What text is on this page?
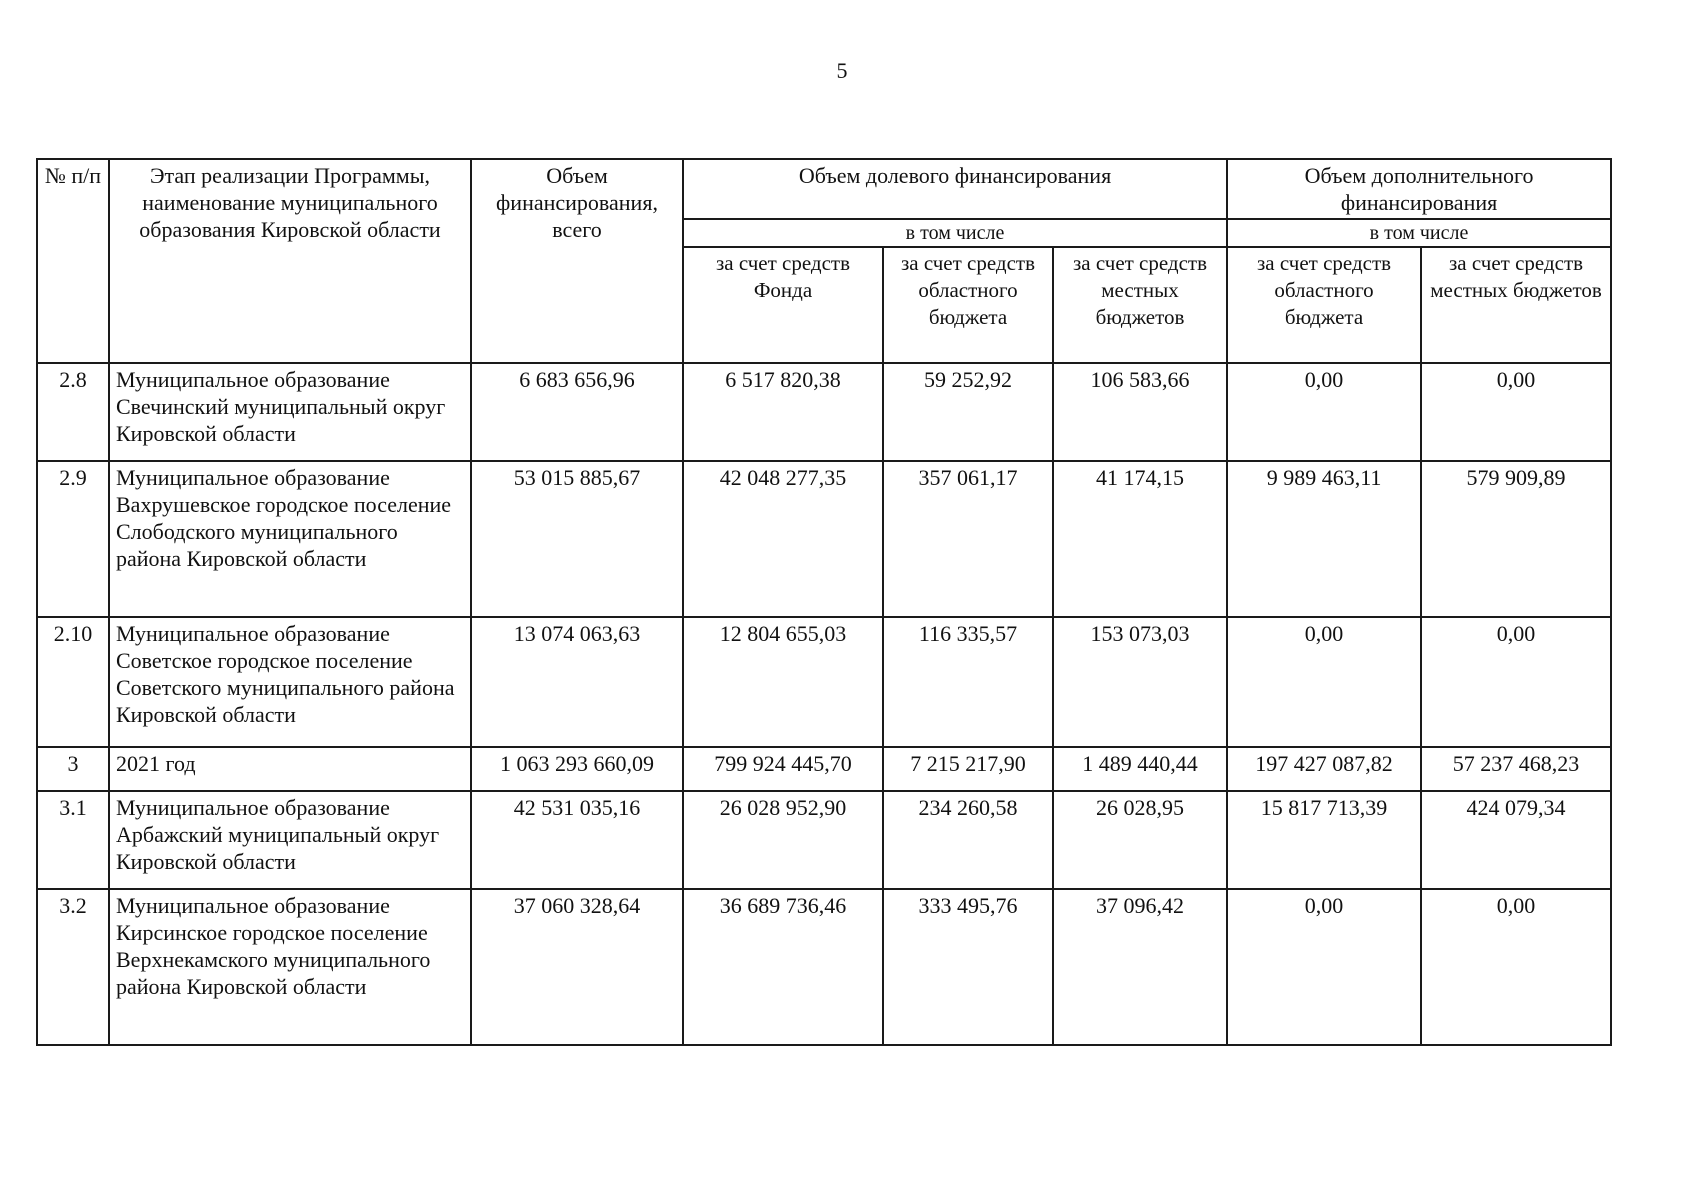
5
№ п/п	Этап реализации Программы, наименование муниципального образования Кировской области	Объем финансирования, всего	Объем долевого финансирования			Объем дополнительного финансирования	
			в том числе			в том числе	
			за счет средств Фонда	за счет средств областного бюджета	за счет средств местных бюджетов	за счет средств областного бюджета	за счет средств местных бюджетов
2.8	Муниципальное образование Свечинский муниципальный округ Кировской области	6 683 656,96	6 517 820,38	59 252,92	106 583,66	0,00	0,00
2.9	Муниципальное образование Вахрушевское городское поселение Слободского муниципального района Кировской области	53 015 885,67	42 048 277,35	357 061,17	41 174,15	9 989 463,11	579 909,89
2.10	Муниципальное образование Советское городское поселение Советского муниципального района Кировской области	13 074 063,63	12 804 655,03	116 335,57	153 073,03	0,00	0,00
3	2021 год	1 063 293 660,09	799 924 445,70	7 215 217,90	1 489 440,44	197 427 087,82	57 237 468,23
3.1	Муниципальное образование Арбажский муниципальный округ Кировской области	42 531 035,16	26 028 952,90	234 260,58	26 028,95	15 817 713,39	424 079,34
3.2	Муниципальное образование Кирсинское городское поселение Верхнекамского муниципального района Кировской области	37 060 328,64	36 689 736,46	333 495,76	37 096,42	0,00	0,00
